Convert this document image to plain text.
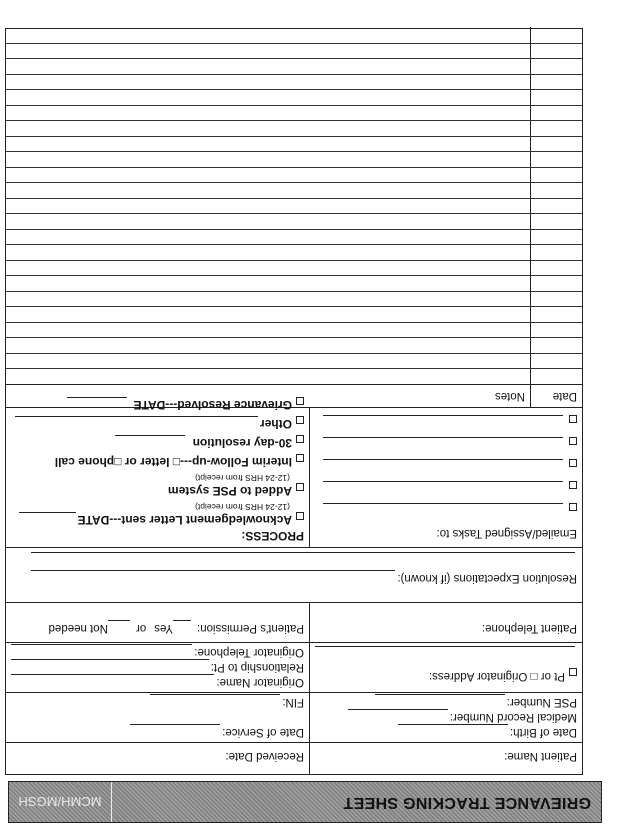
GRIEVANCE TRACKING SHEET
MCMH/MGSH
Patient Name:
Received Date:
Date of Birth:
Medical Record Number:
PSE Number:
Date of Service:
FIN:
Pt or □ Originator Address:
Originator Name:
Relationship to Pt:
Originator Telephone:
Patient Telephone:
Patient's Permission:
Yes
or
Not needed
Resolution Expectations (if known):
Emailed/Assigned Tasks to:
PROCESS:
Acknowledgement Letter sent---DATE
(12-24 HRS from receipt)
Added to PSE system
(12-24 HRS from receipt)
Interim Follow-up---□ letter or □phone call
30-day resolution
Other
Grievance Resolved---DATE
Date
Notes
